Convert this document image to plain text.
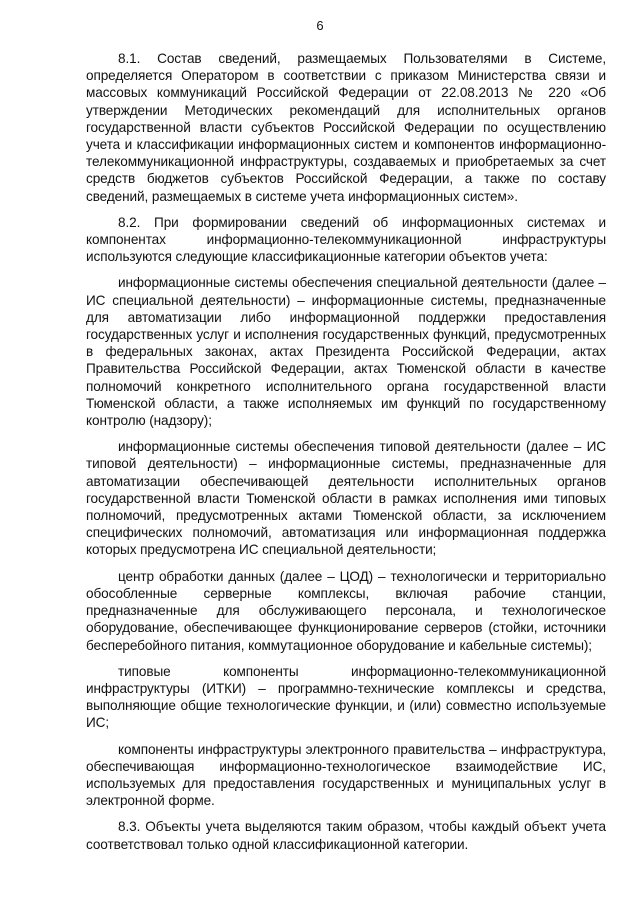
6

8.1. Состав сведений, размещаемых Пользователями в Системе, определяется Оператором в соответствии с приказом Министерства связи и массовых коммуникаций Российской Федерации от 22.08.2013 № 220 «Об утверждении Методических рекомендаций для исполнительных органов государственной власти субъектов Российской Федерации по осуществлению учета и классификации информационных систем и компонентов информационно-телекоммуникационной инфраструктуры, создаваемых и приобретаемых за счет средств бюджетов субъектов Российской Федерации, а также по составу сведений, размещаемых в системе учета информационных систем».

8.2. При формировании сведений об информационных системах и компонентах информационно-телекоммуникационной инфраструктуры используются следующие классификационные категории объектов учета:

информационные системы обеспечения специальной деятельности (далее – ИС специальной деятельности) – информационные системы, предназначенные для автоматизации либо информационной поддержки предоставления государственных услуг и исполнения государственных функций, предусмотренных в федеральных законах, актах Президента Российской Федерации, актах Правительства Российской Федерации, актах Тюменской области в качестве полномочий конкретного исполнительного органа государственной власти Тюменской области, а также исполняемых им функций по государственному контролю (надзору);

информационные системы обеспечения типовой деятельности (далее – ИС типовой деятельности) – информационные системы, предназначенные для автоматизации обеспечивающей деятельности исполнительных органов государственной власти Тюменской области в рамках исполнения ими типовых полномочий, предусмотренных актами Тюменской области, за исключением специфических полномочий, автоматизация или информационная поддержка которых предусмотрена ИС специальной деятельности;

центр обработки данных (далее – ЦОД) – технологически и территориально обособленные серверные комплексы, включая рабочие станции, предназначенные для обслуживающего персонала, и технологическое оборудование, обеспечивающее функционирование серверов (стойки, источники бесперебойного питания, коммутационное оборудование и кабельные системы);

типовые компоненты информационно-телекоммуникационной инфраструктуры (ИТКИ) – программно-технические комплексы и средства, выполняющие общие технологические функции, и (или) совместно используемые ИС;

компоненты инфраструктуры электронного правительства – инфраструктура, обеспечивающая информационно-технологическое взаимодействие ИС, используемых для предоставления государственных и муниципальных услуг в электронной форме.

8.3. Объекты учета выделяются таким образом, чтобы каждый объект учета соответствовал только одной классификационной категории.
